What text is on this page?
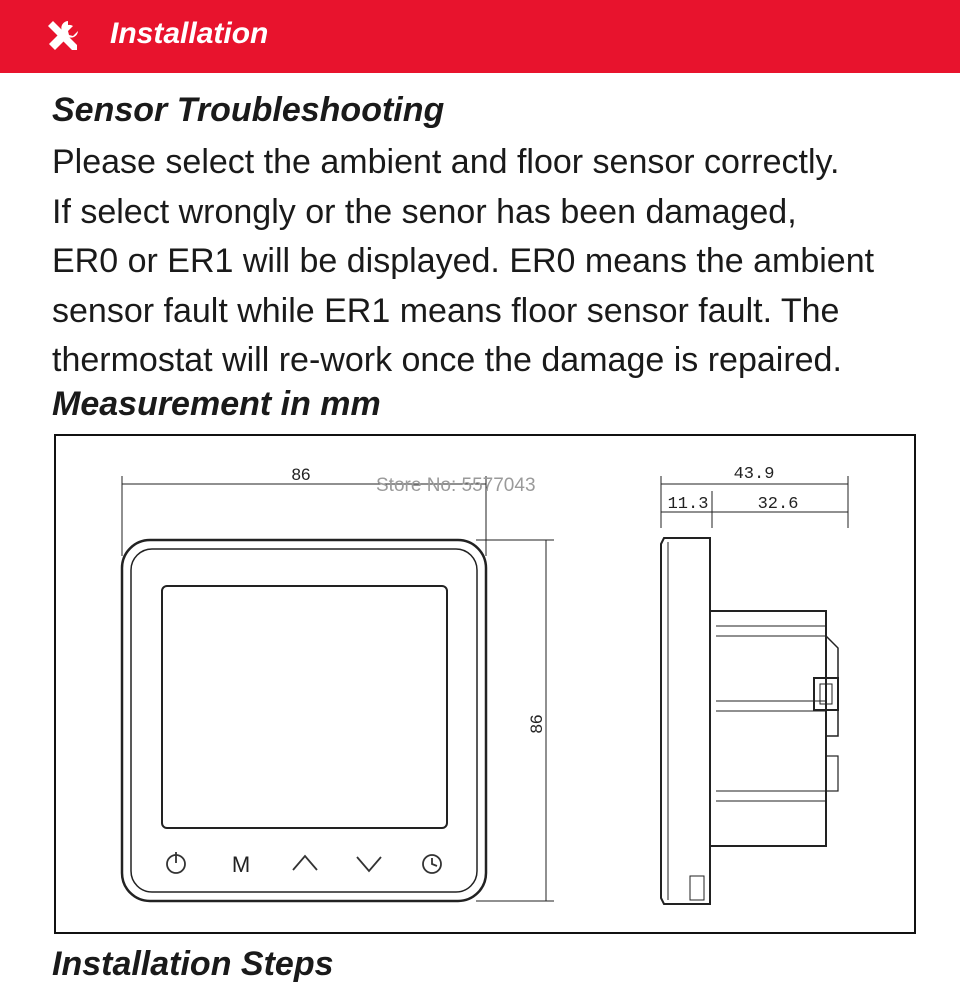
Installation
Sensor Troubleshooting
Please select the ambient and floor sensor correctly.
If select wrongly or the senor has been damaged,
ER0 or ER1 will be displayed. ER0 means the ambient
sensor fault while ER1 means floor sensor fault. The
thermostat will re-work once the damage is repaired.
Measurement in mm
86
86
Store No: 5577043
M
43.9
11.3	32.6
Installation Steps
